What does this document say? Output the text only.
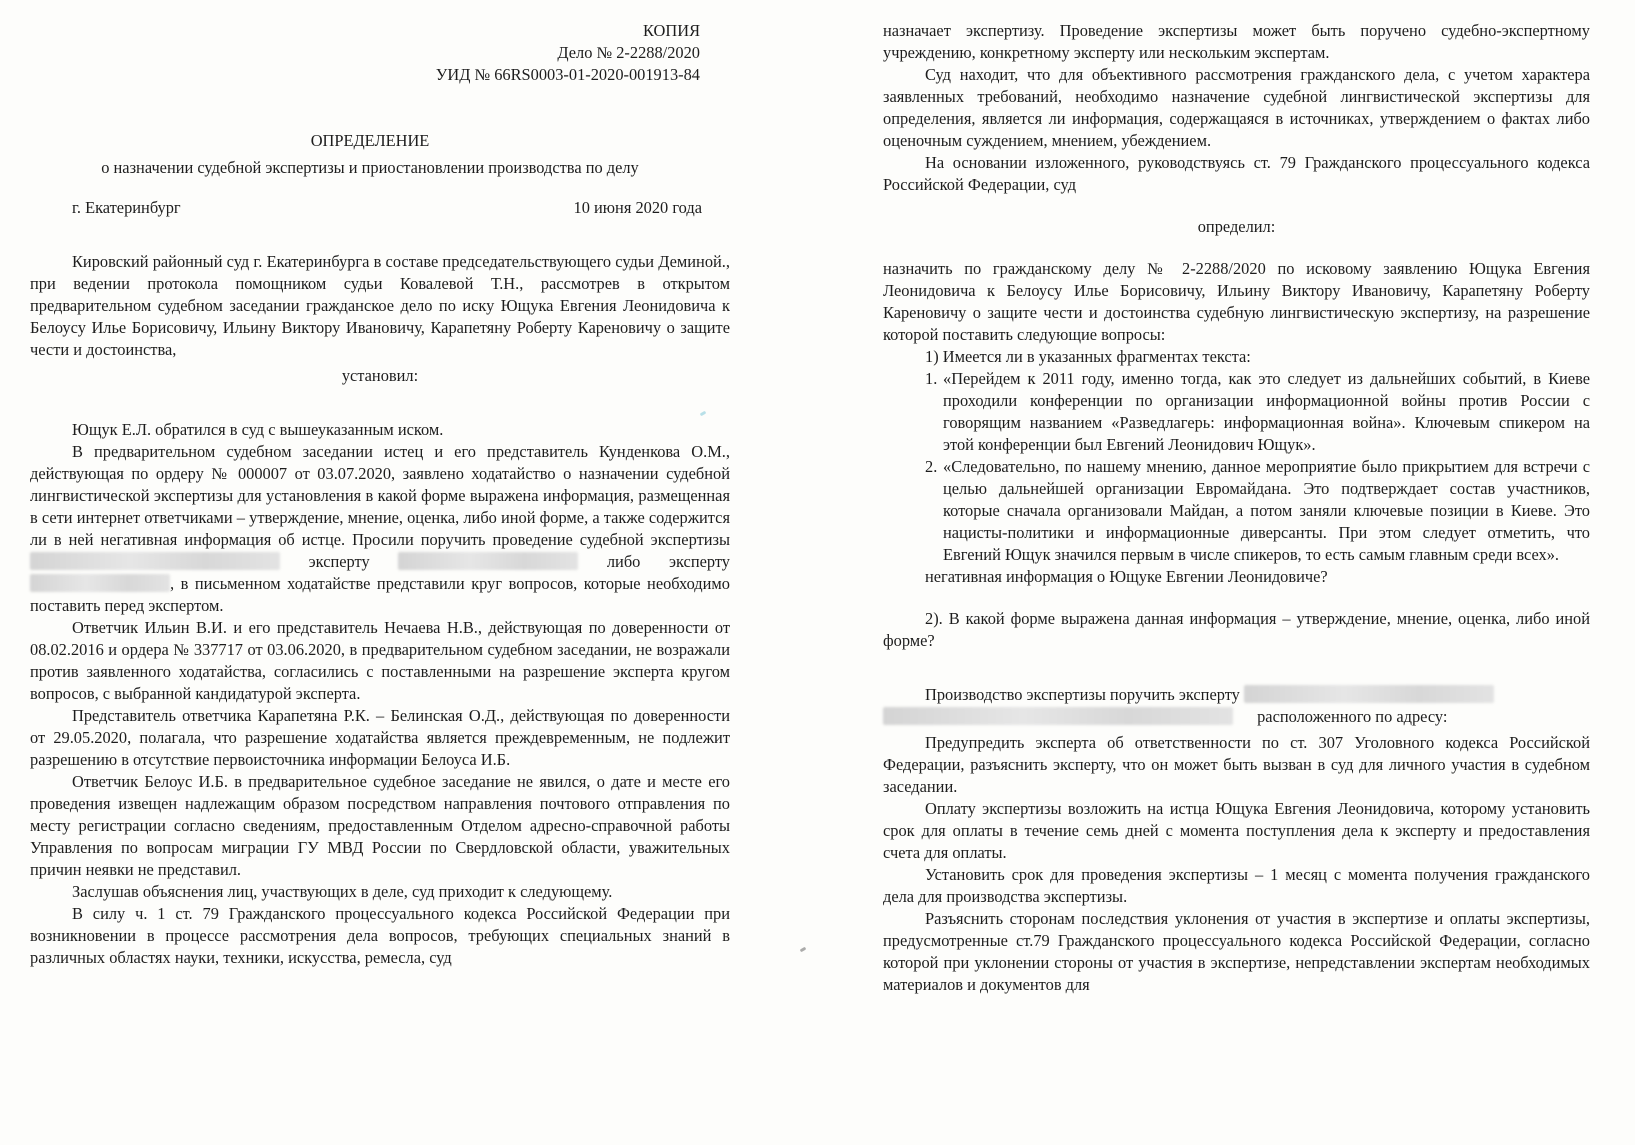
КОПИЯ
Дело № 2-2288/2020
УИД № 66RS0003-01-2020-001913-84
ОПРЕДЕЛЕНИЕ
о назначении судебной экспертизы и приостановлении производства по делу
г. Екатеринбург	10 июня 2020 года

Кировский районный суд г. Екатеринбурга в составе председательствующего судьи Деминой., при ведении протокола помощником судьи Ковалевой Т.Н., рассмотрев в открытом предварительном судебном заседании гражданское дело по иску Ющука Евгения Леонидовича к Белоусу Илье Борисовичу, Ильину Виктору Ивановичу, Карапетяну Роберту Кареновичу о защите чести и достоинства,

установил:

Ющук Е.Л. обратился в суд с вышеуказанным иском.

В предварительном судебном заседании истец и его представитель Кунденкова О.М., действующая по ордеру № 000007 от 03.07.2020, заявлено ходатайство о назначении судебной лингвистической экспертизы для установления в какой форме выражена информация, размещенная в сети интернет ответчиками – утверждение, мнение, оценка, либо иной форме, а также содержится ли в ней негативная информация об истце. Просили поручить проведение судебной экспертизы  эксперту	либо эксперту , в письменном ходатайстве представили круг вопросов, которые необходимо поставить перед экспертом.

Ответчик Ильин В.И. и его представитель Нечаева Н.В., действующая по доверенности от 08.02.2016 и ордера № 337717 от 03.06.2020, в предварительном судебном заседании, не возражали против заявленного ходатайства, согласились с поставленными на разрешение эксперта кругом вопросов, с выбранной кандидатурой эксперта.

Представитель ответчика Карапетяна Р.К. – Белинская О.Д., действующая по доверенности от 29.05.2020, полагала, что разрешение ходатайства является преждевременным, не подлежит разрешению в отсутствие первоисточника информации Белоуса И.Б.

Ответчик Белоус И.Б. в предварительное судебное заседание не явился, о дате и месте его проведения извещен надлежащим образом посредством направления почтового отправления по месту регистрации согласно сведениям, предоставленным Отделом адресно-справочной работы Управления по вопросам миграции ГУ МВД России по Свердловской области, уважительных причин неявки не представил.

Заслушав объяснения лиц, участвующих в деле, суд приходит к следующему.

В силу ч. 1 ст. 79 Гражданского процессуального кодекса Российской Федерации при возникновении в процессе рассмотрения дела вопросов, требующих специальных знаний в различных областях науки, техники, искусства, ремесла, суд

назначает экспертизу. Проведение экспертизы может быть поручено судебно-экспертному учреждению, конкретному эксперту или нескольким экспертам.

Суд находит, что для объективного рассмотрения гражданского дела, с учетом характера заявленных требований, необходимо назначение судебной лингвистической экспертизы для определения, является ли информация, содержащаяся в источниках, утверждением о фактах либо оценочным суждением, мнением, убеждением.

На основании изложенного, руководствуясь ст. 79 Гражданского процессуального кодекса Российской Федерации, суд

определил:

назначить по гражданскому делу № 2-2288/2020 по исковому заявлению Ющука Евгения Леонидовича к Белоусу Илье Борисовичу, Ильину Виктору Ивановичу, Карапетяну Роберту Кареновичу о защите чести и достоинства судебную лингвистическую экспертизу, на разрешение которой поставить следующие вопросы:

1) Имеется ли в указанных фрагментах текста:

1. «Перейдем к 2011 году, именно тогда, как это следует из дальнейших событий, в Киеве проходили конференции по организации информационной войны против России с говорящим названием «Разведлагерь: информационная война». Ключевым спикером на этой конференции был Евгений Леонидович Ющук».

2. «Следовательно, по нашему мнению, данное мероприятие было прикрытием для встречи с целью дальнейшей организации Евромайдана. Это подтверждает состав участников, которые сначала организовали Майдан, а потом заняли ключевые позиции в Киеве. Это нацисты-политики и информационные диверсанты. При этом следует отметить, что Евгений Ющук значился первым в числе спикеров, то есть самым главным среди всех».

негативная информация о Ющуке Евгении Леонидовиче?

2). В какой форме выражена данная информация – утверждение, мнение, оценка, либо иной форме?

Производство экспертизы поручить эксперту
расположенного по адресу:

Предупредить эксперта об ответственности по ст. 307 Уголовного кодекса Российской Федерации, разъяснить эксперту, что он может быть вызван в суд для личного участия в судебном заседании.

Оплату экспертизы возложить на истца Ющука Евгения Леонидовича, которому установить срок для оплаты в течение семь дней с момента поступления дела к эксперту и предоставления счета для оплаты.

Установить срок для проведения экспертизы – 1 месяц с момента получения гражданского дела для производства экспертизы.

Разъяснить сторонам последствия уклонения от участия в экспертизе и оплаты экспертизы, предусмотренные ст.79 Гражданского процессуального кодекса Российской Федерации, согласно которой при уклонении стороны от участия в экспертизе, непредставлении экспертам необходимых материалов и документов для
